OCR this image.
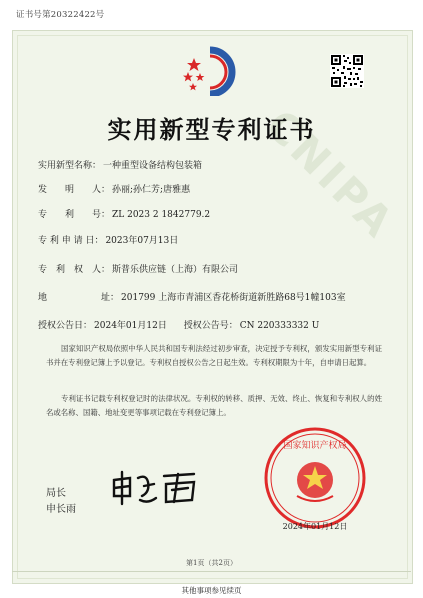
证书号第20322422号
CNIPA
实用新型专利证书
实用新型名称： 一种重型设备结构包装箱
发　　明　　人： 孙丽;孙仁芳;唐雅惠
专　　利　　号： ZL 2023 2 1842779.2
专 利 申 请 日： 2023年07月13日
专　利　权　人： 斯普乐供应链（上海）有限公司
地　　　　　　址： 201799 上海市青浦区香花桥街道新胜路68号1幢103室
授权公告日： 2024年01月12日 授权公告号： CN 220333332 U
国家知识产权局依照中华人民共和国专利法经过初步审查，决定授予专利权，颁发实用新型专利证书并在专利登记簿上予以登记。专利权自授权公告之日起生效。专利权期限为十年，自申请日起算。
专利证书记载专利权登记时的法律状况。专利权的转移、质押、无效、终止、恢复和专利权人的姓名或名称、国籍、地址变更等事项记载在专利登记簿上。
国家知识产权局
局长
申长雨
2024年01月12日
第1页（共2页）
其他事项参见续页
